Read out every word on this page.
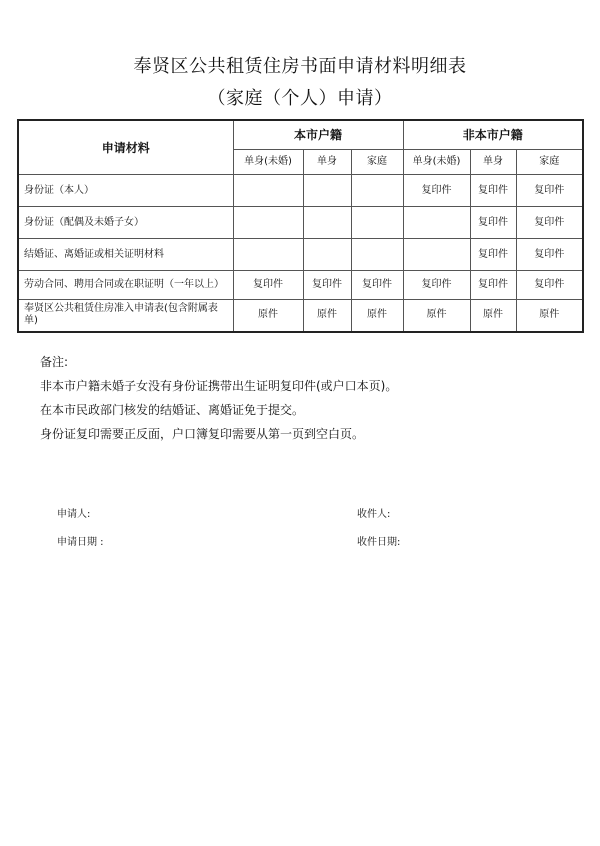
奉贤区公共租赁住房书面申请材料明细表
（家庭（个人）申请）
申请材料	本市户籍			非本市户籍		
	单身(未婚)	单身	家庭	单身(未婚)	单身	家庭
身份证（本人）				复印件	复印件	复印件
身份证（配偶及未婚子女）					复印件	复印件
结婚证、离婚证或相关证明材料					复印件	复印件
劳动合同、聘用合同或在职证明（一年以上）	复印件	复印件	复印件	复印件	复印件	复印件
奉贤区公共租赁住房准入申请表(包含附属表单)	原件	原件	原件	原件	原件	原件
备注:
非本市户籍未婚子女没有身份证携带出生证明复印件(或户口本页)。
在本市民政部门核发的结婚证、离婚证免于提交。
身份证复印需要正反面，户口簿复印需要从第一页到空白页。
申请人:	收件人:
申请日期 :	收件日期:
